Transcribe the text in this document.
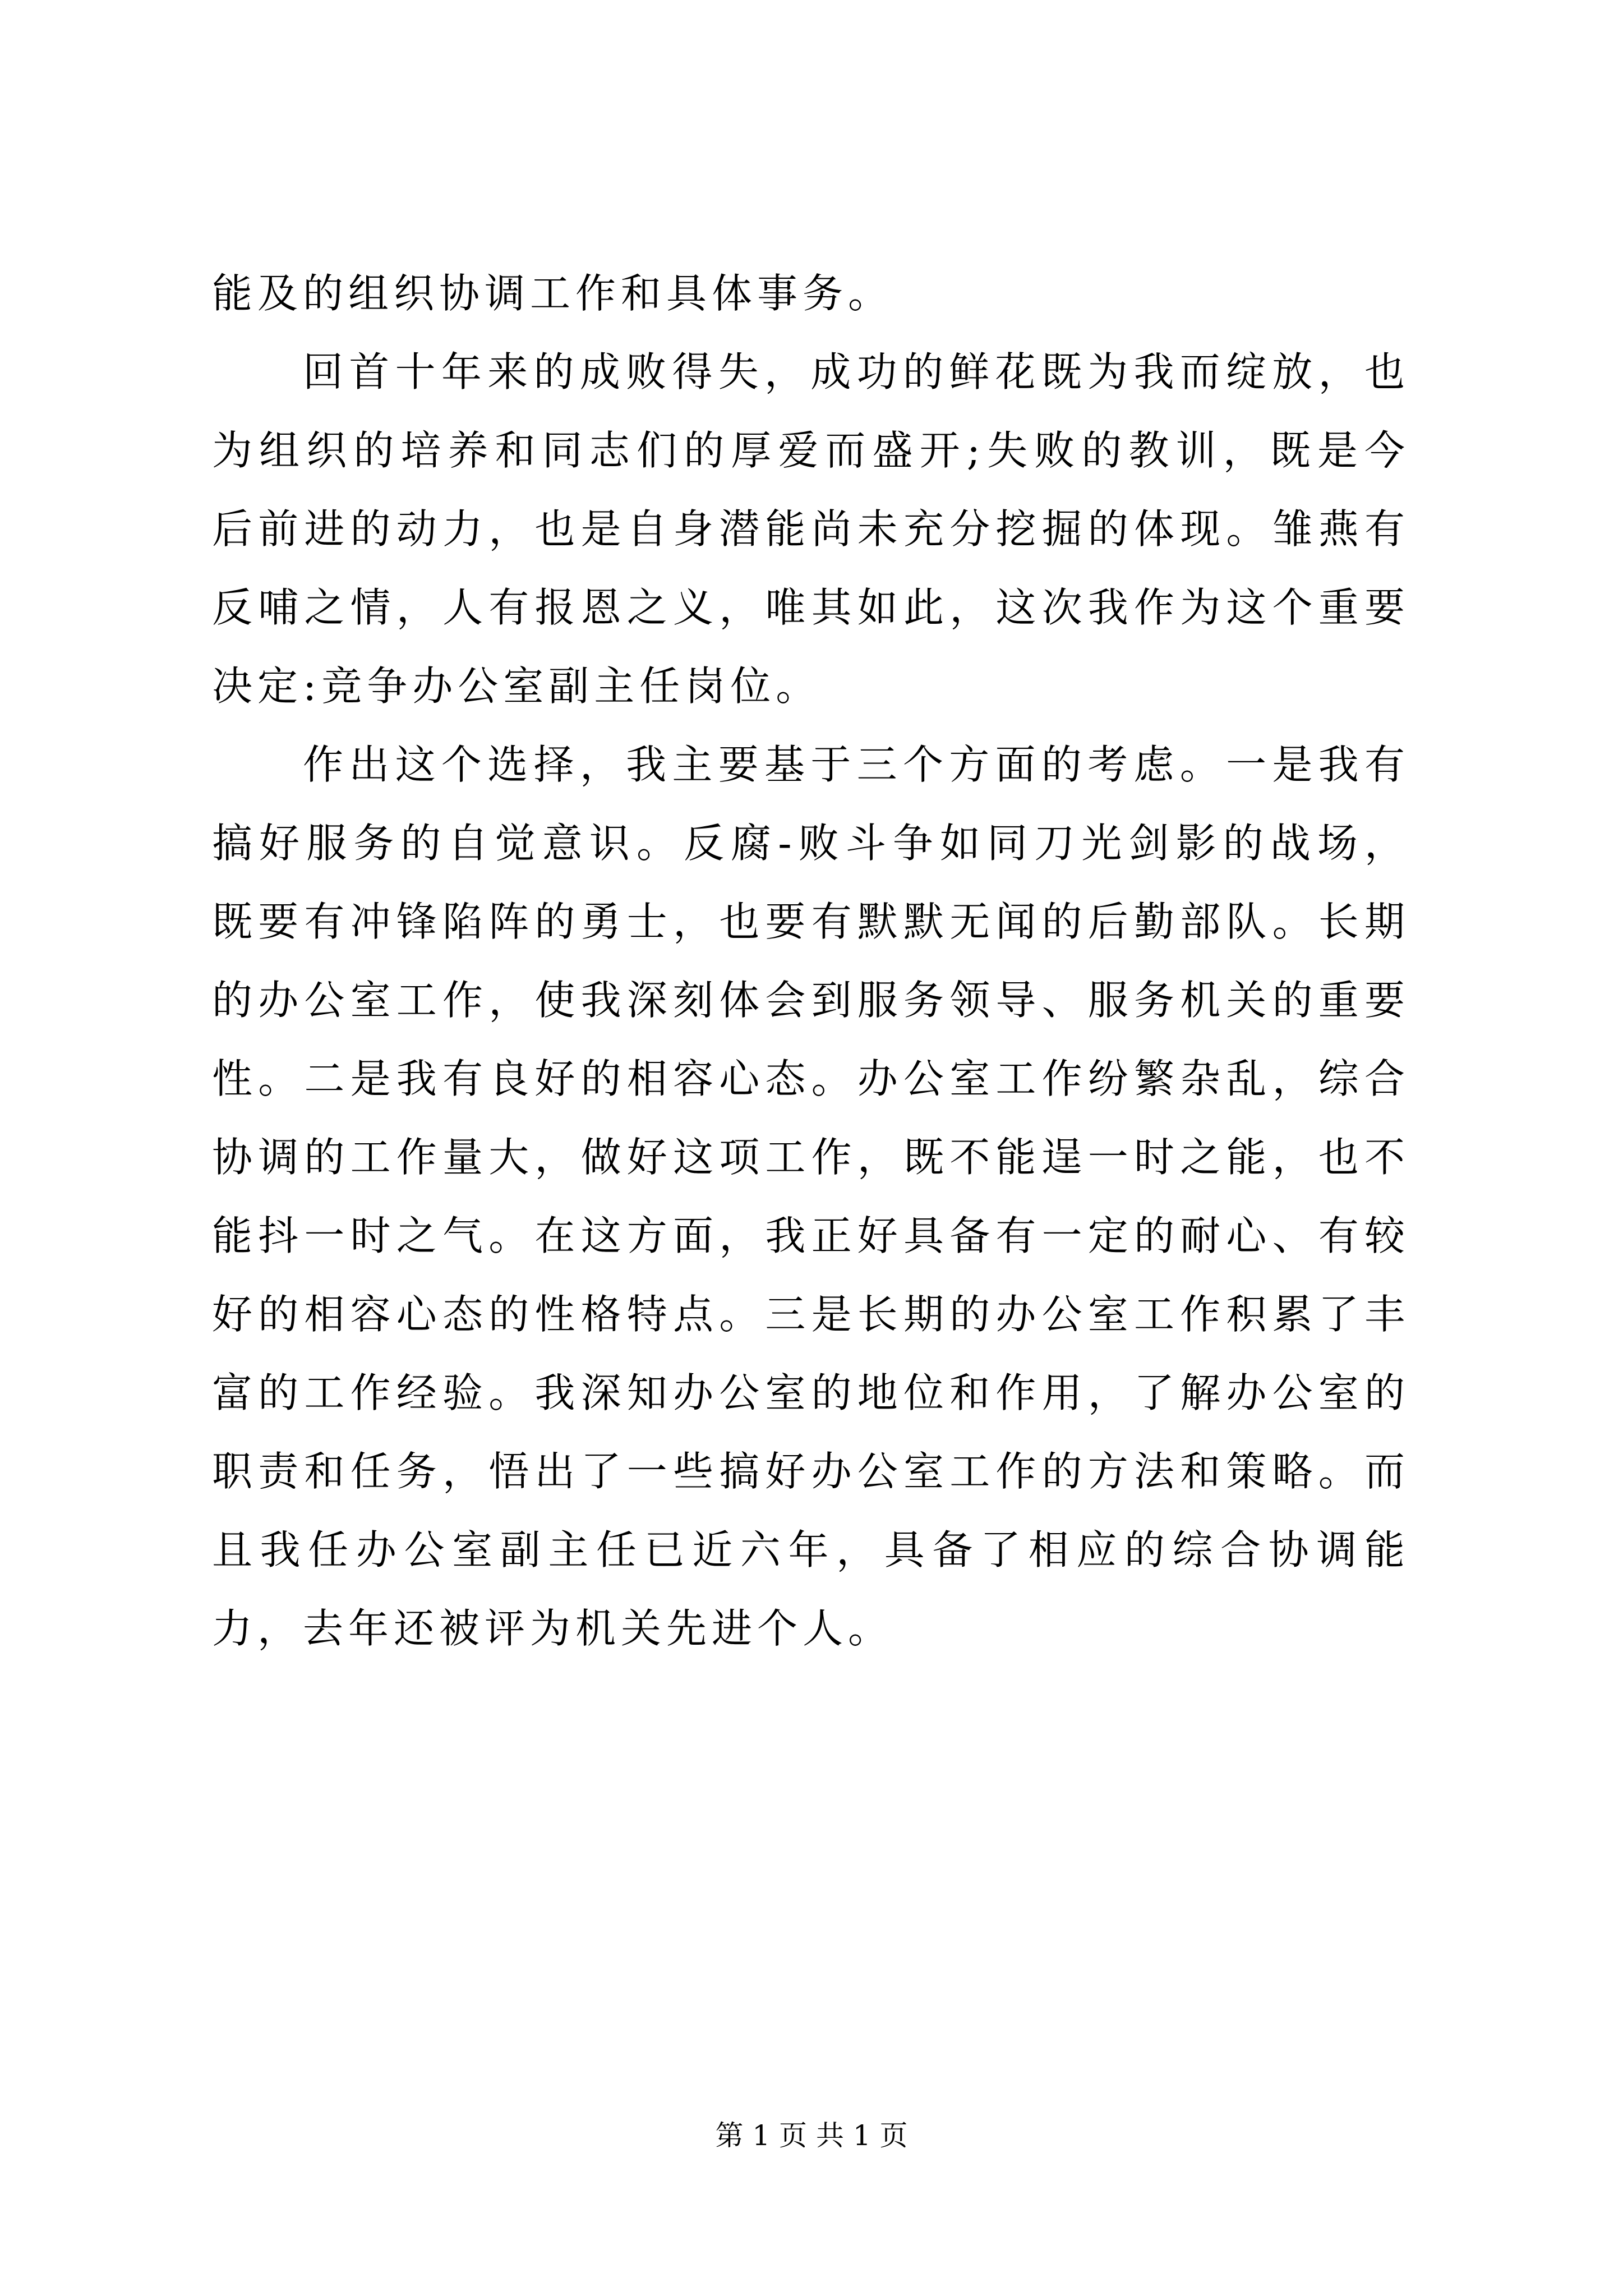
能及的组织协调工作和具体事务。

回首十年来的成败得失，成功的鲜花既为我而绽放，也为组织的培养和同志们的厚爱而盛开;失败的教训，既是今后前进的动力，也是自身潜能尚未充分挖掘的体现。雏燕有反哺之情，人有报恩之义，唯其如此，这次我作为这个重要决定:竞争办公室副主任岗位。

作出这个选择，我主要基于三个方面的考虑。一是我有搞好服务的自觉意识。反腐-败斗争如同刀光剑影的战场，既要有冲锋陷阵的勇士，也要有默默无闻的后勤部队。长期的办公室工作，使我深刻体会到服务领导、服务机关的重要性。二是我有良好的相容心态。办公室工作纷繁杂乱，综合协调的工作量大，做好这项工作，既不能逞一时之能，也不能抖一时之气。在这方面，我正好具备有一定的耐心、有较好的相容心态的性格特点。三是长期的办公室工作积累了丰富的工作经验。我深知办公室的地位和作用，了解办公室的职责和任务，悟出了一些搞好办公室工作的方法和策略。而且我任办公室副主任已近六年，具备了相应的综合协调能力，去年还被评为机关先进个人。

第 1 页 共 1 页
